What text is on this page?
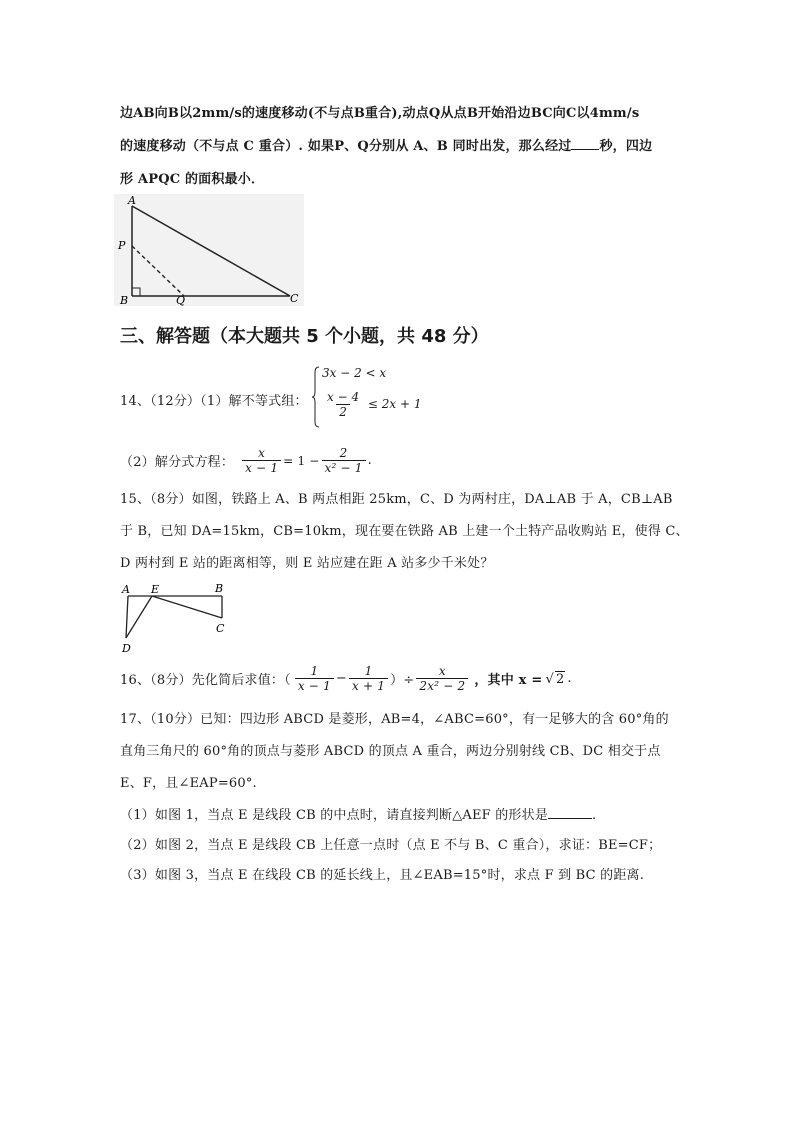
边AB向B以2mm/s的速度移动(不与点B重合),动点Q从点B开始沿边BC向C以4mm/s
的速度移动（不与点 C 重合）. 如果P、Q分别从 A、B 同时出发，那么经过 秒，四边
形 APQC 的面积最小．
A
P
B	Q	C
三、解答题（本大题共 5 个小题，共 48 分）
14、（12分）（1）解不等式组：
3x − 2 < x
$\frac{x - 4}{2} \le 2x + 1$
（2）解分式方程： $\frac{x}{x - 1} = 1 - \frac{2}{\text{x² − 1}}$ .
15、（8分）如图，铁路上 A、B 两点相距 25km，C、D 为两村庄，DA⊥AB 于 A，CB⊥AB
于 B，已知 DA=15km，CB=10km，现在要在铁路 AB 上建一个土特产品收购站 E，使得 C、
D 两村到 E 站的距离相等，则 E 站应建在距 A 站多少千米处？
A E	B
C
D
16、（8分）先化简后求值：（ $\frac{1}{x - 1} - \frac{1}{x + 1}$ ）÷ $\frac{x}{\text{2x² − 2}}$ ，其中 x = √ 2 .
17、（10分）已知：四边形 ABCD 是菱形，AB=4，∠ABC=60°，有一足够大的含 60°角的
直角三角尺的 60°角的顶点与菱形 ABCD 的顶点 A 重合，两边分别射线 CB、DC 相交于点
E、F，且∠EAP=60°.
（1）如图 1，当点 E 是线段 CB 的中点时，请直接判断△AEF 的形状是	.
（2）如图 2，当点 E 是线段 CB 上任意一点时（点 E 不与 B、C 重合），求证：BE=CF；
（3）如图 3，当点 E 在线段 CB 的延长线上，且∠EAB=15°时，求点 F 到 BC 的距离.
